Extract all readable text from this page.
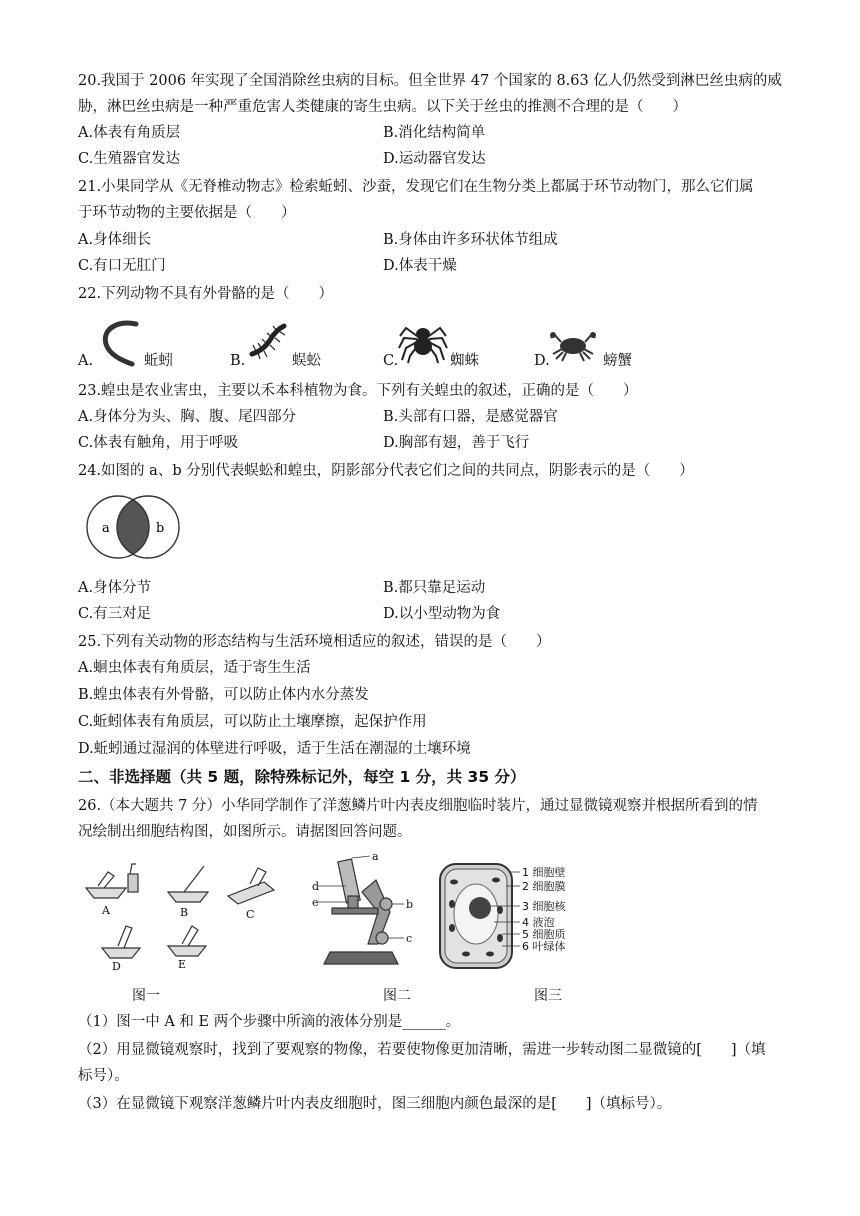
20.我国于 2006 年实现了全国消除丝虫病的目标。但全世界 47 个国家的 8.63 亿人仍然受到淋巴丝虫病的威
胁，淋巴丝虫病是一种严重危害人类健康的寄生虫病。以下关于丝虫的推测不合理的是（　　）
A.体表有角质层	B.消化结构简单
C.生殖器官发达	D.运动器官发达
21.小果同学从《无脊椎动物志》检索蚯蚓、沙蚕，发现它们在生物分类上都属于环节动物门，那么它们属
于环节动物的主要依据是（　　）
A.身体细长	B.身体由许多环状体节组成
C.有口无肛门	D.体表干燥
22.下列动物不具有外骨骼的是（　　）
A.	蚯蚓	B.	蜈蚣	C.	蜘蛛	D.	螃蟹
23.蝗虫是农业害虫，主要以禾本科植物为食。下列有关蝗虫的叙述，正确的是（　　）
A.身体分为头、胸、腹、尾四部分	B.头部有口器，是感觉器官
C.体表有触角，用于呼吸	D.胸部有翅，善于飞行
24.如图的 a、b 分别代表蜈蚣和蝗虫，阴影部分代表它们之间的共同点，阴影表示的是（　　）
a	b
A.身体分节	B.都只靠足运动
C.有三对足	D.以小型动物为食
25.下列有关动物的形态结构与生活环境相适应的叙述，错误的是（　　）
A.蛔虫体表有角质层，适于寄生生活
B.蝗虫体表有外骨骼，可以防止体内水分蒸发
C.蚯蚓体表有角质层，可以防止土壤摩擦，起保护作用
D.蚯蚓通过湿润的体壁进行呼吸，适于生活在潮湿的土壤环境
二、非选择题（共 5 题，除特殊标记外，每空 1 分，共 35 分）
26.（本大题共 7 分）小华同学制作了洋葱鳞片叶内表皮细胞临时装片，通过显微镜观察并根据所看到的情
况绘制出细胞结构图，如图所示。请据图回答问题。
A	B	C
D	E
a
b
c
d
e
1 细胞壁
2 细胞膜
3 细胞核
4 液泡
5 细胞质
6 叶绿体
图一	图二	图三
（1）图一中 A 和 E 两个步骤中所滴的液体分别是______。
（2）用显微镜观察时，找到了要观察的物像，若要使物像更加清晰，需进一步转动图二显微镜的[　　]（填
标号）。
（3）在显微镜下观察洋葱鳞片叶内表皮细胞时，图三细胞内颜色最深的是[　　]（填标号）。
